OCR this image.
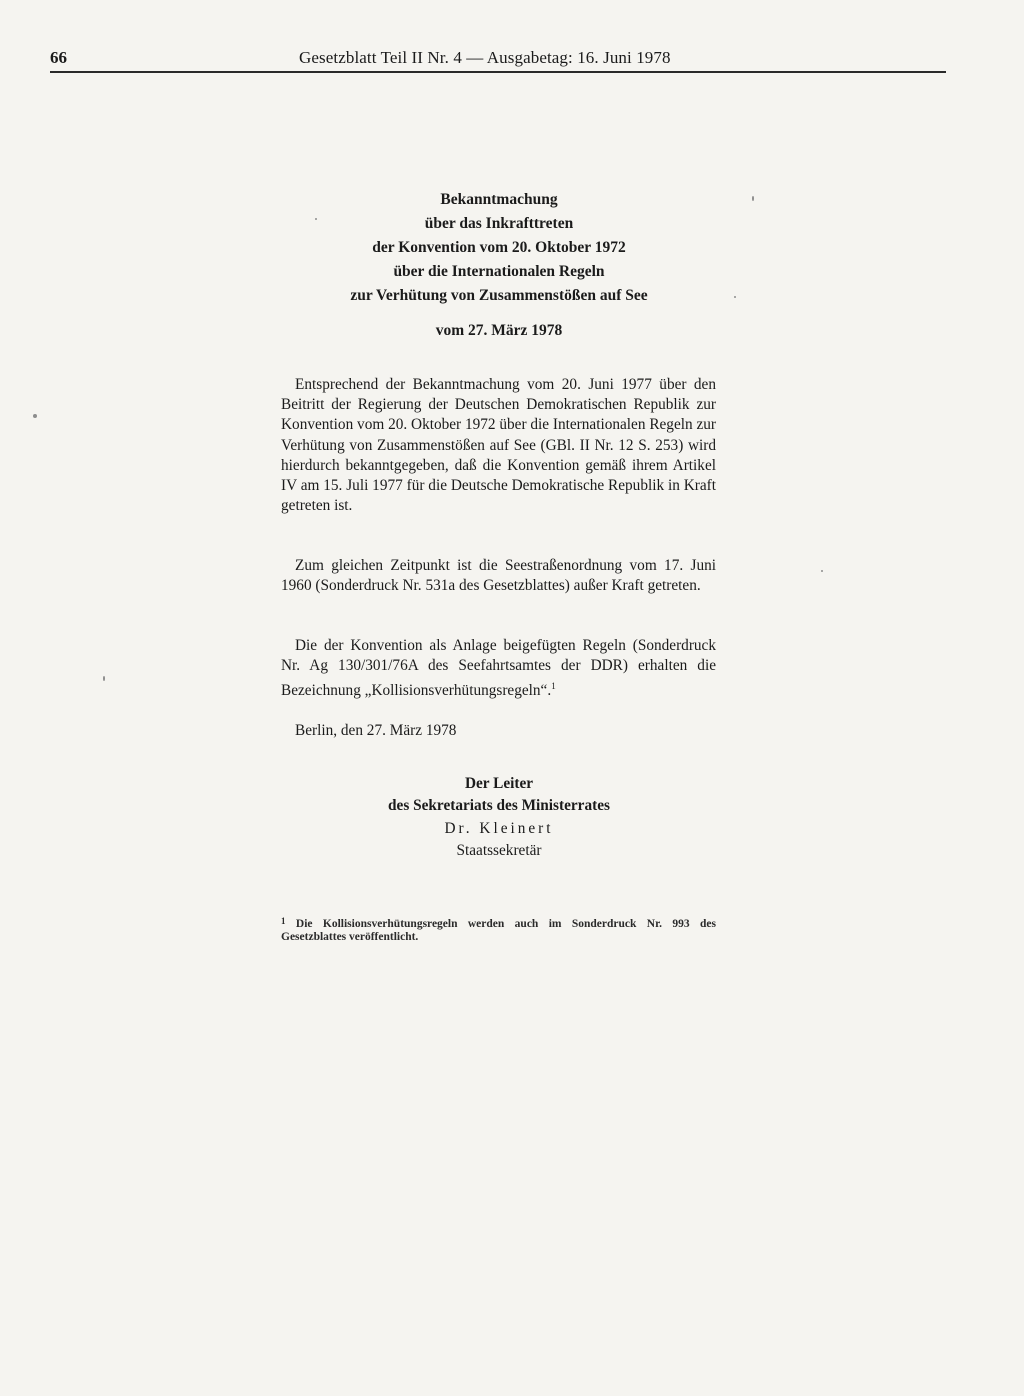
66	Gesetzblatt Teil II Nr. 4 — Ausgabetag: 16. Juni 1978
Bekanntmachung
über das Inkrafttreten
der Konvention vom 20. Oktober 1972
über die Internationalen Regeln
zur Verhütung von Zusammenstößen auf See
vom 27. März 1978
Entsprechend der Bekanntmachung vom 20. Juni 1977 über den Beitritt der Regierung der Deutschen Demokratischen Republik zur Konvention vom 20. Oktober 1972 über die Internationalen Regeln zur Verhütung von Zusammenstößen auf See (GBl. II Nr. 12 S. 253) wird hierdurch bekanntgegeben, daß die Konvention gemäß ihrem Artikel IV am 15. Juli 1977 für die Deutsche Demokratische Republik in Kraft getreten ist.
Zum gleichen Zeitpunkt ist die Seestraßenordnung vom 17. Juni 1960 (Sonderdruck Nr. 531a des Gesetzblattes) außer Kraft getreten.
Die der Konvention als Anlage beigefügten Regeln (Sonderdruck Nr. Ag 130/301/76A des Seefahrtsamtes der DDR) erhalten die Bezeichnung „Kollisionsverhütungsregeln“.$^1$
Berlin, den 27. März 1978
Der Leiter
des Sekretariats des Ministerrates
Dr. Kleinert
Staatssekretär
$^1$ Die Kollisionsverhütungsregeln werden auch im Sonderdruck Nr. 993 des Gesetzblattes veröffentlicht.
